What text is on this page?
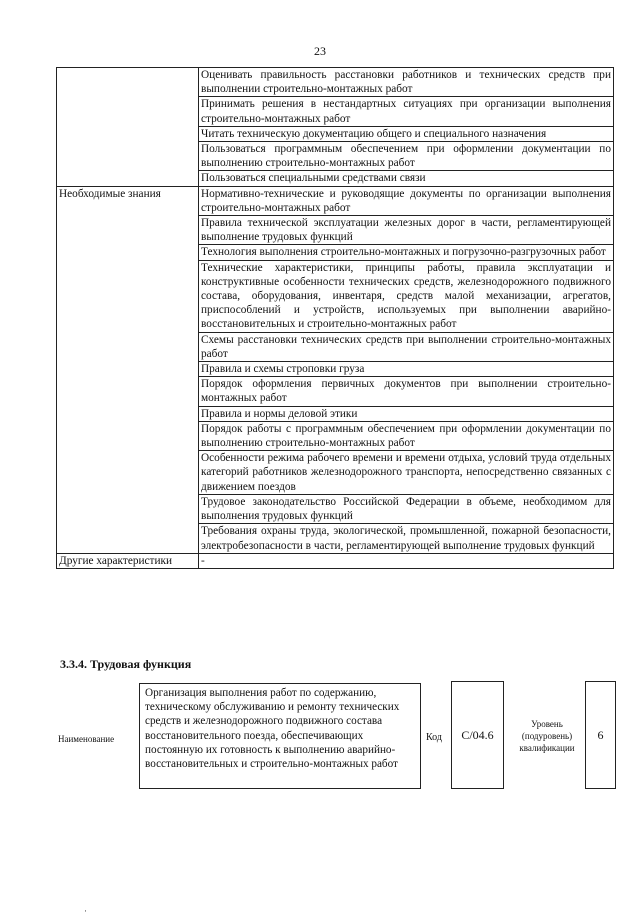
23
	Оценивать правильность расстановки работников и технических средств при выполнении строительно-монтажных работ
	Принимать решения в нестандартных ситуациях при организации выполнения строительно-монтажных работ
	Читать техническую документацию общего и специального назначения
	Пользоваться программным обеспечением при оформлении документации по выполнению строительно-монтажных работ
	Пользоваться специальными средствами связи
Необходимые знания	Нормативно-технические и руководящие документы по организации выполнения строительно-монтажных работ
	Правила технической эксплуатации железных дорог в части, регламентирующей выполнение трудовых функций
	Технология выполнения строительно-монтажных и погрузочно-разгрузочных работ
	Технические характеристики, принципы работы, правила эксплуатации и конструктивные особенности технических средств, железнодорожного подвижного состава, оборудования, инвентаря, средств малой механизации, агрегатов, приспособлений и устройств, используемых при выполнении аварийно-восстановительных и строительно-монтажных работ
	Схемы расстановки технических средств при выполнении строительно-монтажных работ
	Правила и схемы строповки груза
	Порядок оформления первичных документов при выполнении строительно-монтажных работ
	Правила и нормы деловой этики
	Порядок работы с программным обеспечением при оформлении документации по выполнению строительно-монтажных работ
	Особенности режима рабочего времени и времени отдыха, условий труда отдельных категорий работников железнодорожного транспорта, непосредственно связанных с движением поездов
	Трудовое законодательство Российской Федерации в объеме, необходимом для выполнения трудовых функций
	Требования охраны труда, экологической, промышленной, пожарной безопасности, электробезопасности в части, регламентирующей выполнение трудовых функций
Другие характеристики	-
3.3.4. Трудовая функция
Наименование
Организация выполнения работ по содержанию, техническому обслуживанию и ремонту технических средств и железнодорожного подвижного состава восстановительного поезда, обеспечивающих постоянную их готовность к выполнению аварийно-восстановительных и строительно-монтажных работ
Код	C/04.6
Уровень (подуровень) квалификации
6
·
